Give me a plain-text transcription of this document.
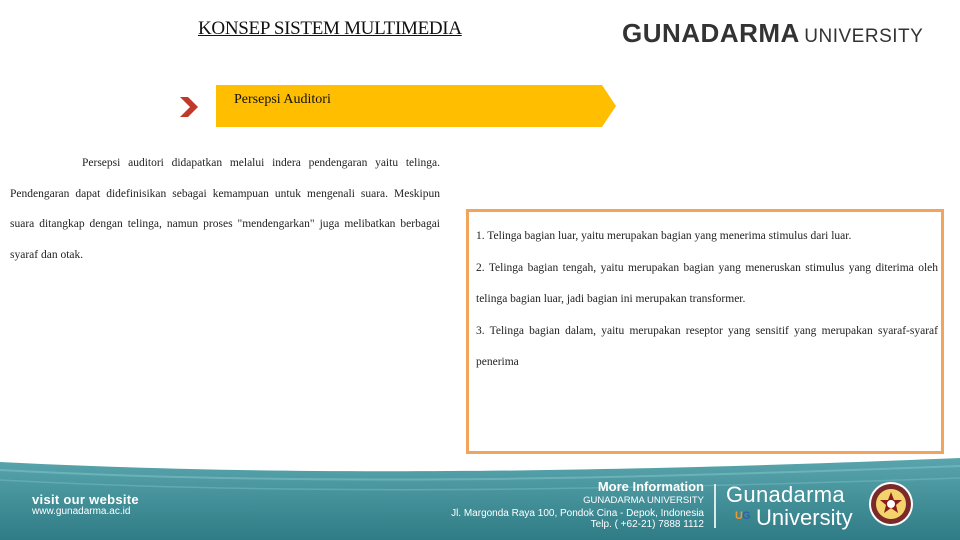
KONSEP SISTEM MULTIMEDIA	GUNADARMA UNIVERSITY
Persepsi Auditori
Persepsi auditori didapatkan melalui indera pendengaran yaitu telinga. Pendengaran dapat didefinisikan sebagai kemampuan untuk mengenali suara. Meskipun suara ditangkap dengan telinga, namun proses "mendengarkan" juga melibatkan berbagai syaraf dan otak.
1. Telinga bagian luar, yaitu merupakan bagian yang menerima stimulus dari luar.
2. Telinga bagian tengah, yaitu merupakan bagian yang meneruskan stimulus yang diterima oleh telinga bagian luar, jadi bagian ini merupakan transformer.
3. Telinga bagian dalam, yaitu merupakan reseptor yang sensitif yang merupakan syaraf-syaraf penerima
visit our website
www.gunadarma.ac.id
More Information
GUNADARMA UNIVERSITY
Jl. Margonda Raya 100, Pondok Cina - Depok, Indonesia
Telp. ( +62-21) 7888 1112
Gunadarma
University
UG
